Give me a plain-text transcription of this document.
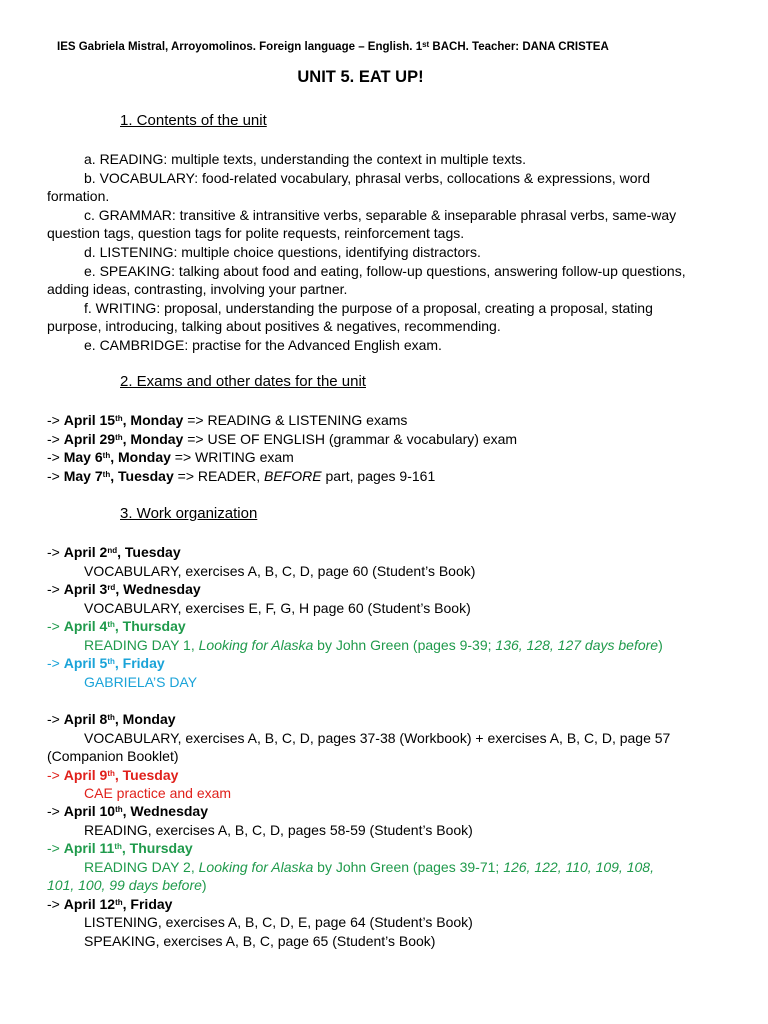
IES Gabriela Mistral, Arroyomolinos. Foreign language – English. 1st BACH. Teacher: DANA CRISTEA
UNIT 5. EAT UP!
1. Contents of the unit
a. READING: multiple texts, understanding the context in multiple texts.
b. VOCABULARY: food-related vocabulary, phrasal verbs, collocations & expressions, word
formation.
c. GRAMMAR: transitive & intransitive verbs, separable & inseparable phrasal verbs, same-way
question tags, question tags for polite requests, reinforcement tags.
d. LISTENING: multiple choice questions, identifying distractors.
e. SPEAKING: talking about food and eating, follow-up questions, answering follow-up questions,
adding ideas, contrasting, involving your partner.
f. WRITING: proposal, understanding the purpose of a proposal, creating a proposal, stating
purpose, introducing, talking about positives & negatives, recommending.
e. CAMBRIDGE: practise for the Advanced English exam.
2. Exams and other dates for the unit
-> April 15th, Monday => READING & LISTENING exams
-> April 29th, Monday => USE OF ENGLISH (grammar & vocabulary) exam
-> May 6th, Monday => WRITING exam
-> May 7th, Tuesday => READER, BEFORE part, pages 9-161
3. Work organization
-> April 2nd, Tuesday
VOCABULARY, exercises A, B, C, D, page 60 (Student’s Book)
-> April 3rd, Wednesday
VOCABULARY, exercises E, F, G, H page 60 (Student’s Book)
-> April 4th, Thursday
READING DAY 1, Looking for Alaska by John Green (pages 9-39; 136, 128, 127 days before)
-> April 5th, Friday
GABRIELA’S DAY
-> April 8th, Monday
VOCABULARY, exercises A, B, C, D, pages 37-38 (Workbook) + exercises A, B, C, D, page 57
(Companion Booklet)
-> April 9th, Tuesday
CAE practice and exam
-> April 10th, Wednesday
READING, exercises A, B, C, D, pages 58-59 (Student’s Book)
-> April 11th, Thursday
READING DAY 2, Looking for Alaska by John Green (pages 39-71; 126, 122, 110, 109, 108,
101, 100, 99 days before)
-> April 12th, Friday
LISTENING, exercises A, B, C, D, E, page 64 (Student’s Book)
SPEAKING, exercises A, B, C, page 65 (Student’s Book)
